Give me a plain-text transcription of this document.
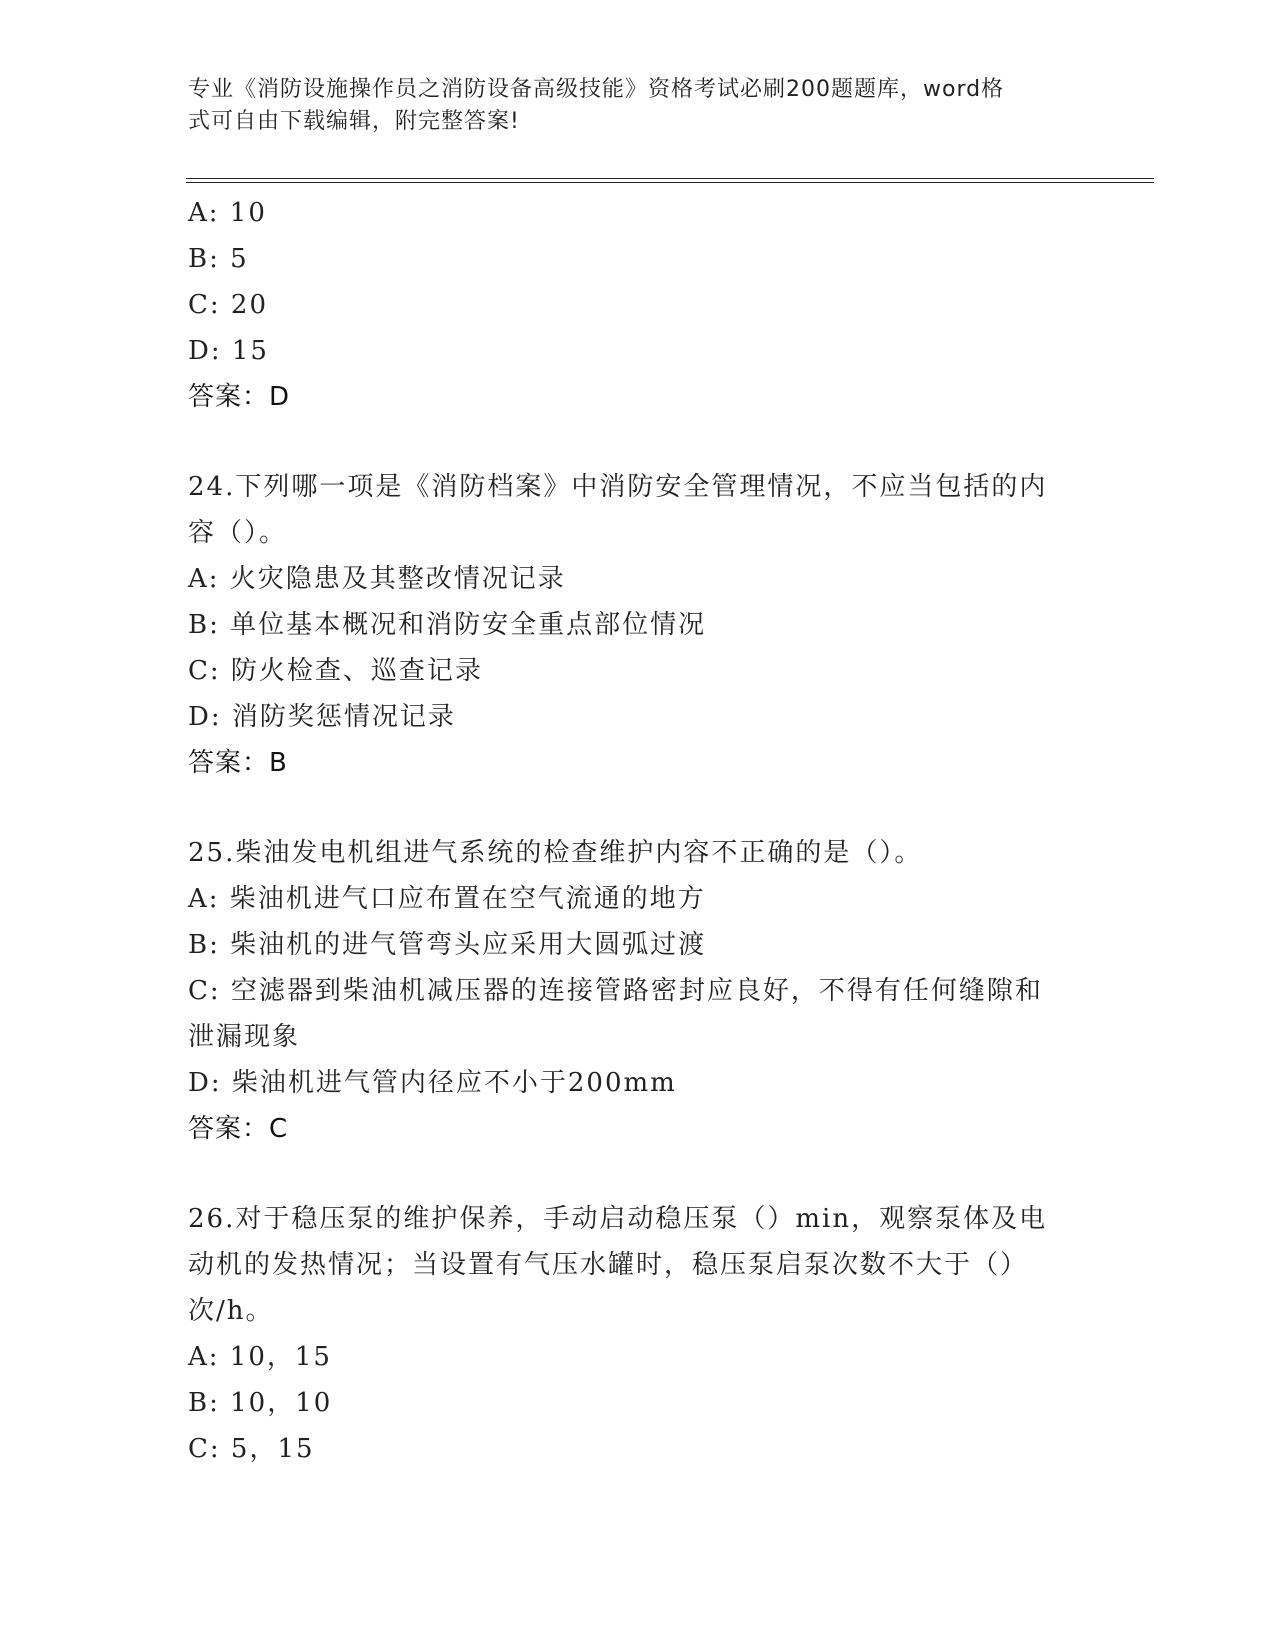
专业《消防设施操作员之消防设备高级技能》资格考试必刷200题题库，word格
式可自由下载编辑，附完整答案!
A: 10
B: 5
C: 20
D: 15
答案：D
24.下列哪一项是《消防档案》中消防安全管理情况，不应当包括的内
容（）。
A: 火灾隐患及其整改情况记录
B: 单位基本概况和消防安全重点部位情况
C: 防火检查、巡查记录
D: 消防奖惩情况记录
答案：B
25.柴油发电机组进气系统的检查维护内容不正确的是（）。
A: 柴油机进气口应布置在空气流通的地方
B: 柴油机的进气管弯头应采用大圆弧过渡
C: 空滤器到柴油机减压器的连接管路密封应良好，不得有任何缝隙和
泄漏现象
D: 柴油机进气管内径应不小于200mm
答案：C
26.对于稳压泵的维护保养，手动启动稳压泵（）min，观察泵体及电
动机的发热情况；当设置有气压水罐时，稳压泵启泵次数不大于（）
次/h。
A: 10，15
B: 10，10
C: 5，15
